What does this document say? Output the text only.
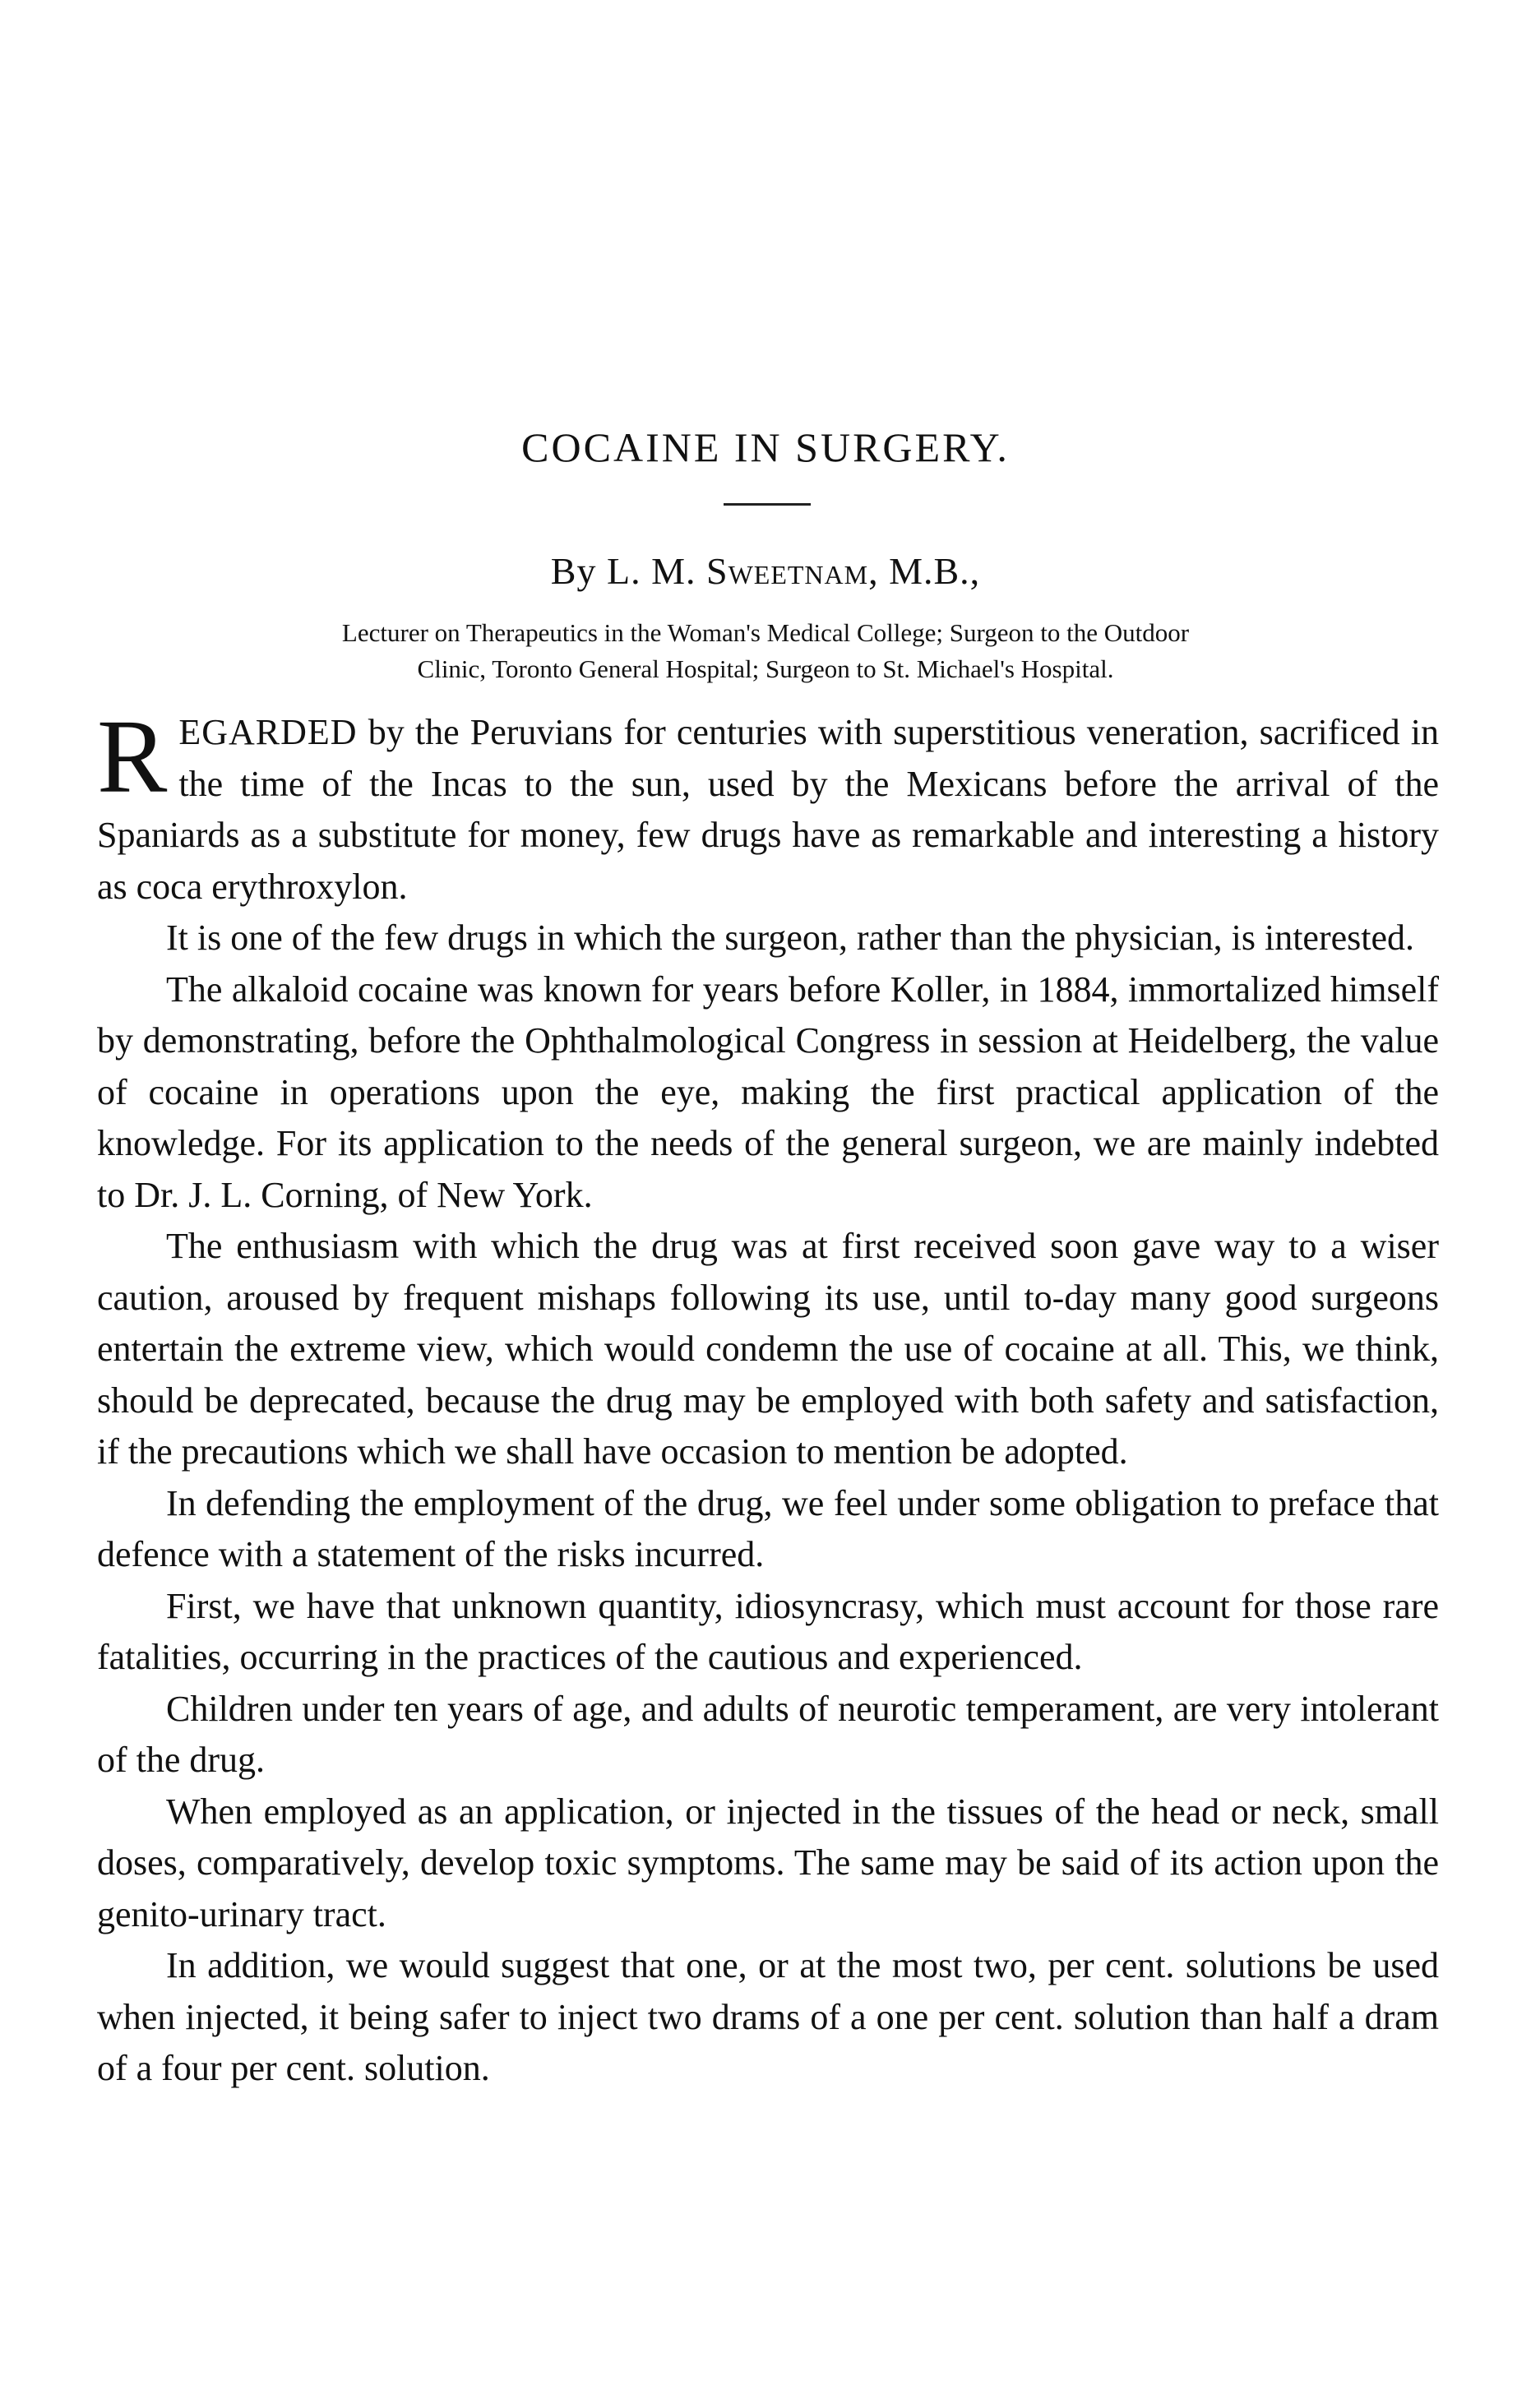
COCAINE IN SURGERY.

By L. M. Sweetnam, M.B.,

Lecturer on Therapeutics in the Woman's Medical College; Surgeon to the Outdoor
Clinic, Toronto General Hospital; Surgeon to St. Michael's Hospital.

REGARDED by the Peruvians for centuries with superstitious veneration, sacrificed in the time of the Incas to the sun, used by the Mexicans before the arrival of the Spaniards as a substitute for money, few drugs have as remarkable and interesting a history as coca erythroxylon.

It is one of the few drugs in which the surgeon, rather than the physician, is interested.

The alkaloid cocaine was known for years before Koller, in 1884, immortalized himself by demonstrating, before the Ophthalmological Congress in session at Heidelberg, the value of cocaine in operations upon the eye, making the first practical application of the knowledge. For its application to the needs of the general surgeon, we are mainly indebted to Dr. J. L. Corning, of New York.

The enthusiasm with which the drug was at first received soon gave way to a wiser caution, aroused by frequent mishaps following its use, until to-day many good surgeons entertain the extreme view, which would condemn the use of cocaine at all. This, we think, should be deprecated, because the drug may be employed with both safety and satisfaction, if the precautions which we shall have occasion to mention be adopted.

In defending the employment of the drug, we feel under some obligation to preface that defence with a statement of the risks incurred.

First, we have that unknown quantity, idiosyncrasy, which must account for those rare fatalities, occurring in the practices of the cautious and experienced.

Children under ten years of age, and adults of neurotic temperament, are very intolerant of the drug.

When employed as an application, or injected in the tissues of the head or neck, small doses, comparatively, develop toxic symptoms. The same may be said of its action upon the genito-urinary tract.

In addition, we would suggest that one, or at the most two, per cent. solutions be used when injected, it being safer to inject two drams of a one per cent. solution than half a dram of a four per cent. solution.
